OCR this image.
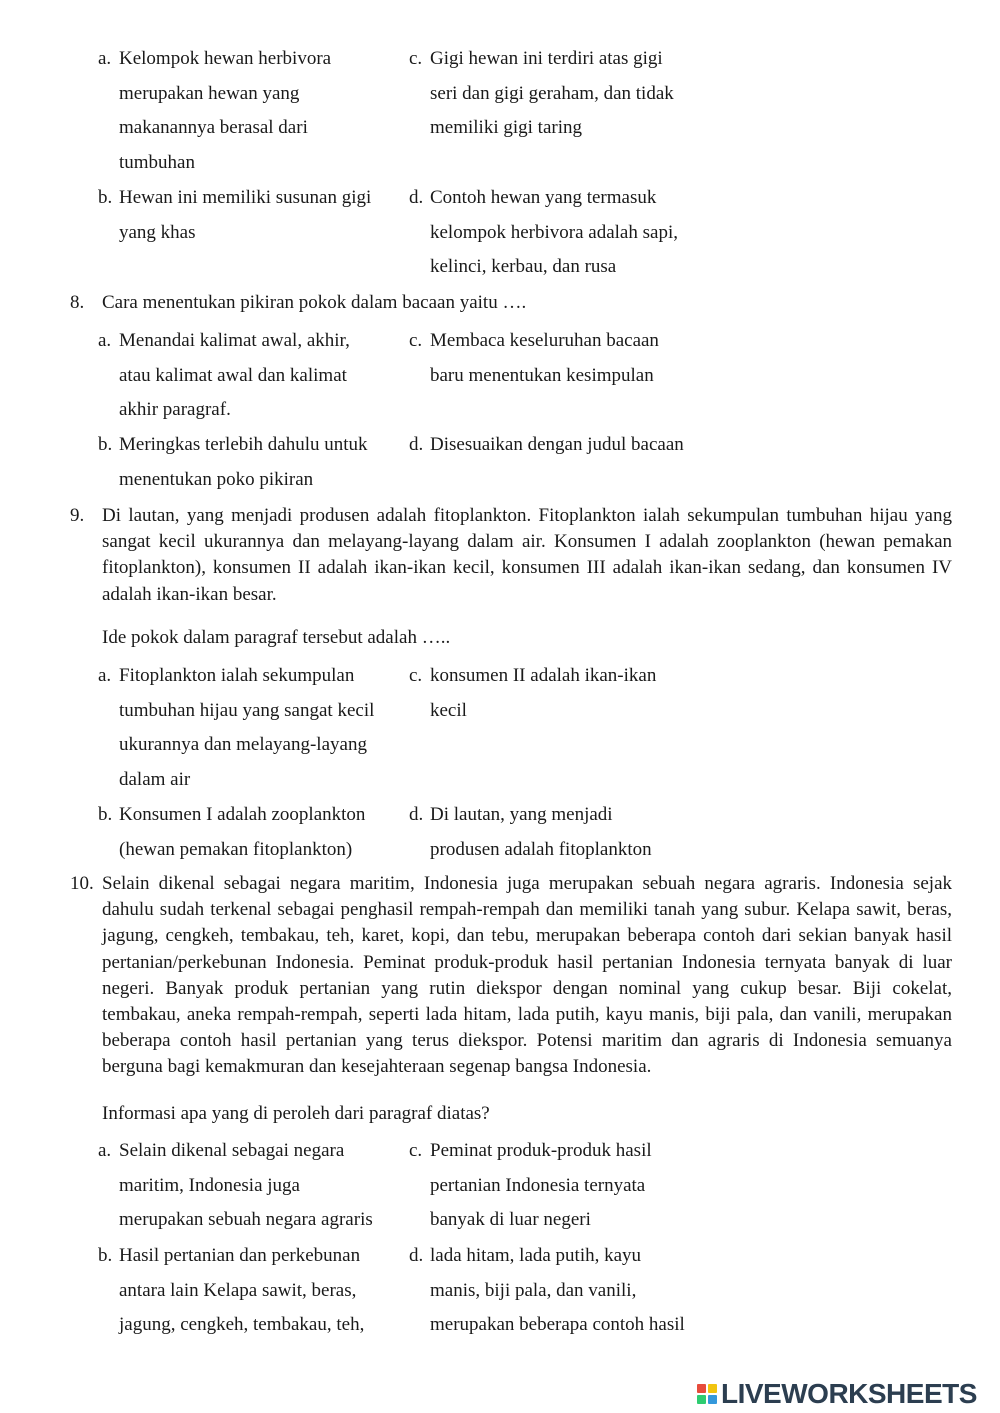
a. Kelompok hewan herbivora
merupakan hewan yang
makanannya berasal dari
tumbuhan
c. Gigi hewan ini terdiri atas gigi
seri dan gigi geraham, dan tidak
memiliki gigi taring
b. Hewan ini memiliki susunan gigi
yang khas
d. Contoh hewan yang termasuk
kelompok herbivora adalah sapi,
kelinci, kerbau, dan rusa
8. Cara menentukan pikiran pokok dalam bacaan yaitu ….
a. Menandai kalimat awal, akhir,
atau kalimat awal dan kalimat
akhir paragraf.
c. Membaca keseluruhan bacaan
baru menentukan kesimpulan
b. Meringkas terlebih dahulu untuk
menentukan poko pikiran
d. Disesuaikan dengan judul bacaan
9. Di lautan, yang menjadi produsen adalah fitoplankton. Fitoplankton ialah sekumpulan tumbuhan hijau yang sangat kecil ukurannya dan melayang-layang dalam air. Konsumen I adalah zooplankton (hewan pemakan fitoplankton), konsumen II adalah ikan-ikan kecil, konsumen III adalah ikan-ikan sedang, dan konsumen IV adalah ikan-ikan besar.
Ide pokok dalam paragraf tersebut adalah …..
a. Fitoplankton ialah sekumpulan
tumbuhan hijau yang sangat kecil
ukurannya dan melayang-layang
dalam air
c. konsumen II adalah ikan-ikan
kecil
b. Konsumen I adalah zooplankton
(hewan pemakan fitoplankton)
d. Di lautan, yang menjadi
produsen adalah fitoplankton
10. Selain dikenal sebagai negara maritim, Indonesia juga merupakan sebuah negara agraris. Indonesia sejak dahulu sudah terkenal sebagai penghasil rempah-rempah dan memiliki tanah yang subur. Kelapa sawit, beras, jagung, cengkeh, tembakau, teh, karet, kopi, dan tebu, merupakan beberapa contoh dari sekian banyak hasil pertanian/perkebunan Indonesia. Peminat produk-produk hasil pertanian Indonesia ternyata banyak di luar negeri. Banyak produk pertanian yang rutin diekspor dengan nominal yang cukup besar. Biji cokelat, tembakau, aneka rempah-rempah, seperti lada hitam, lada putih, kayu manis, biji pala, dan vanili, merupakan beberapa contoh hasil pertanian yang terus diekspor. Potensi maritim dan agraris di Indonesia semuanya berguna bagi kemakmuran dan kesejahteraan segenap bangsa Indonesia.
Informasi apa yang di peroleh dari paragraf diatas?
a. Selain dikenal sebagai negara
maritim, Indonesia juga
merupakan sebuah negara agraris
c. Peminat produk-produk hasil
pertanian Indonesia ternyata
banyak di luar negeri
b. Hasil pertanian dan perkebunan
antara lain Kelapa sawit, beras,
jagung, cengkeh, tembakau, teh,
d. lada hitam, lada putih, kayu
manis, biji pala, dan vanili,
merupakan beberapa contoh hasil
LIVEWORKSHEETS
